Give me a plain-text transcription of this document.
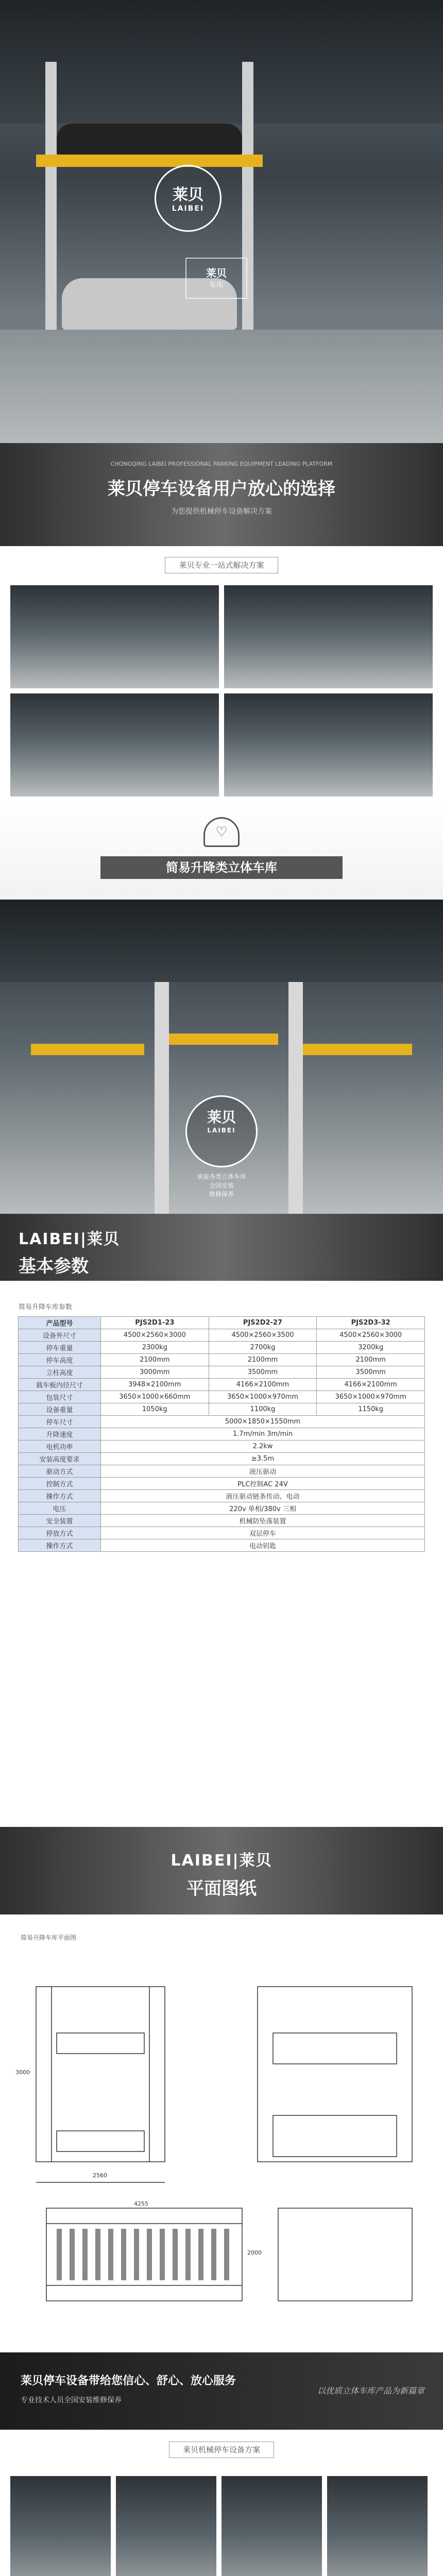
莱贝
LAIBEI
莱贝
车库
CHONGQING LAIBEI PROFESSIONAL PARKING EQUIPMENT LEADING PLATFORM
莱贝停车设备用户放心的选择
为您提供机械停车设备解决方案
莱贝专业一站式解决方案
♡
简易升降类立体车库
莱贝
LAIBEI
承接各类立体车库
全国安装
维修保养
LAIBEI|莱贝
基本参数
简易升降车库参数
产品型号	PJS2D1-23	PJS2D2-27	PJS2D3-32
设备外尺寸	4500×2560×3000	4500×2560×3500	4500×2560×3000
停车重量	2300kg	2700kg	3200kg
停车高度	2100mm	2100mm	2100mm
立柱高度	3000mm	3500mm	3500mm
载车板内径尺寸	3948×2100mm	4166×2100mm	4166×2100mm
包装尺寸	3650×1000×660mm	3650×1000×970mm	3650×1000×970mm
设备重量	1050kg	1100kg	1150kg
停车尺寸	5000×1850×1550mm		
升降速度	1.7m/min 3m/min		
电机功率	2.2kw		
安装高度要求	≥3.5m		
驱动方式	液压驱动		
控制方式	PLC控制AC 24V		
操作方式	液压驱动链条传动、电动		
电压	220v 单相/380v 三相		
安全装置	机械防坠落装置		
停放方式	双层停车		
操作方式	电动钥匙		
LAIBEI|莱贝
平面图纸
简易升降车库平面图
2560
4255
3000
2000
莱贝停车设备带给您信心、舒心、放心服务
专业技术人员全国安装维修保养
以优质立体车库产品为新篇章
莱贝机械停车设备方案
